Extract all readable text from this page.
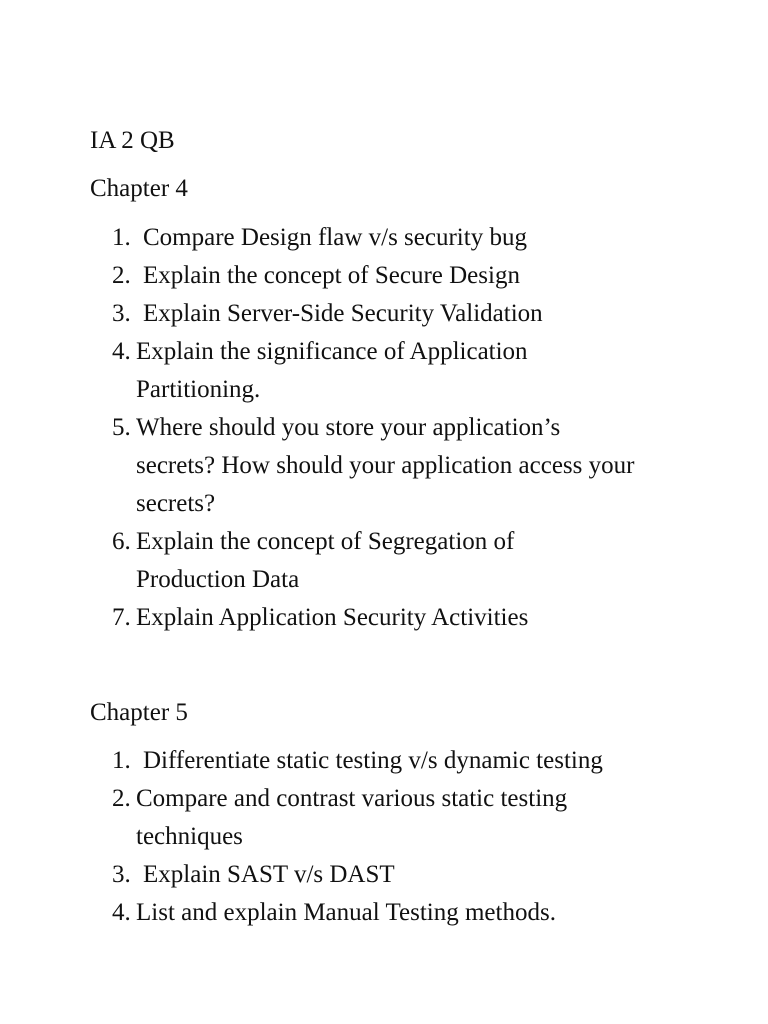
IA 2 QB
Chapter 4
1. Compare Design flaw v/s security bug
2. Explain the concept of Secure Design
3. Explain Server-Side Security Validation
4. Explain the significance of Application Partitioning.
5. Where should you store your application’s secrets? How should your application access your secrets?
6. Explain the concept of Segregation of Production Data
7. Explain Application Security Activities
Chapter 5
1. Differentiate static testing v/s dynamic testing
2. Compare and contrast various static testing techniques
3. Explain SAST v/s DAST
4. List and explain Manual Testing methods.
